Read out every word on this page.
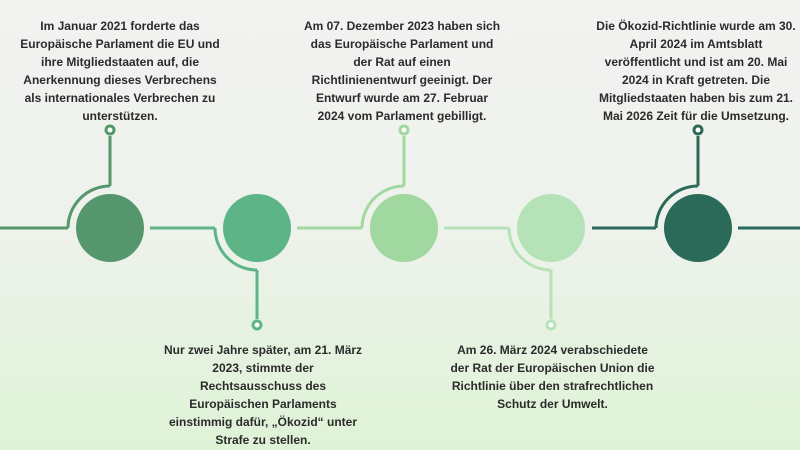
Im Januar 2021 forderte das Europäische Parlament die EU und ihre Mitgliedstaaten auf, die Anerkennung dieses Verbrechens als internationales Verbrechen zu unterstützen.

Nur zwei Jahre später, am 21. März 2023, stimmte der Rechtsausschuss des Europäischen Parlaments einstimmig dafür, „Ökozid“ unter Strafe zu stellen.

Am 07. Dezember 2023 haben sich das Europäische Parlament und der Rat auf einen Richtlinienentwurf geeinigt. Der Entwurf wurde am 27. Februar 2024 vom Parlament gebilligt.

Am 26. März 2024 verabschiedete der Rat der Europäischen Union die Richtlinie über den strafrechtlichen Schutz der Umwelt.

Die Ökozid-Richtlinie wurde am 30. April 2024 im Amtsblatt veröffentlicht und ist am 20. Mai 2024 in Kraft getreten. Die Mitgliedstaaten haben bis zum 21. Mai 2026 Zeit für die Umsetzung.
